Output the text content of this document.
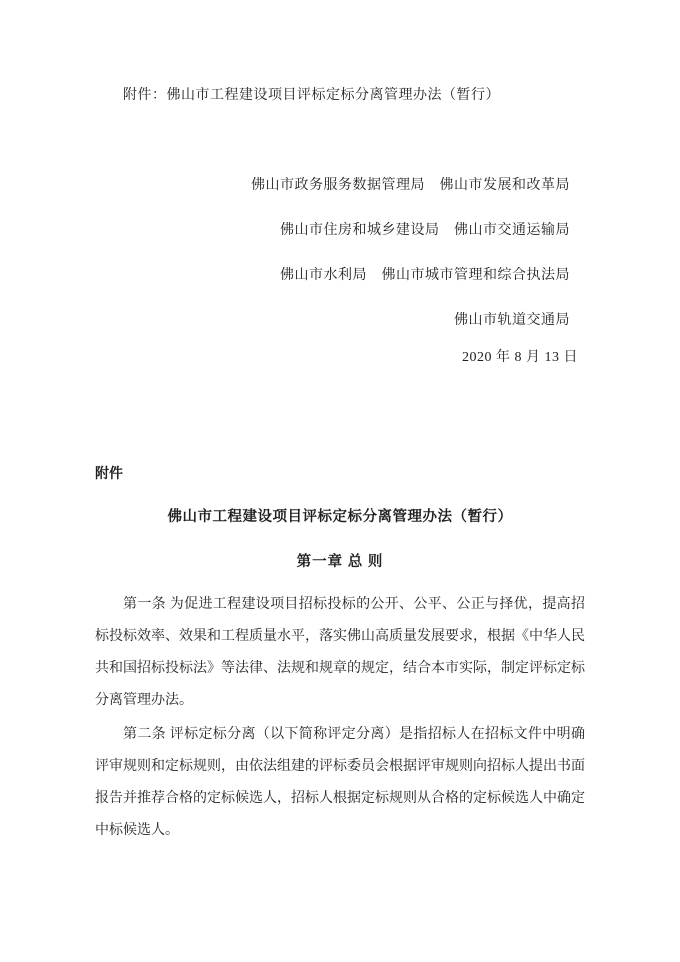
附件：佛山市工程建设项目评标定标分离管理办法（暂行）

佛山市政务服务数据管理局　佛山市发展和改革局
佛山市住房和城乡建设局　佛山市交通运输局
佛山市水利局　佛山市城市管理和综合执法局
佛山市轨道交通局
2020 年 8 月 13 日
附件
佛山市工程建设项目评标定标分离管理办法（暂行）
第一章 总 则

第一条 为促进工程建设项目招标投标的公开、公平、公正与择优，提高招标投标效率、效果和工程质量水平，落实佛山高质量发展要求，根据《中华人民共和国招标投标法》等法律、法规和规章的规定，结合本市实际，制定评标定标分离管理办法。

第二条 评标定标分离（以下简称评定分离）是指招标人在招标文件中明确评审规则和定标规则，由依法组建的评标委员会根据评审规则向招标人提出书面报告并推荐合格的定标候选人，招标人根据定标规则从合格的定标候选人中确定中标候选人。
